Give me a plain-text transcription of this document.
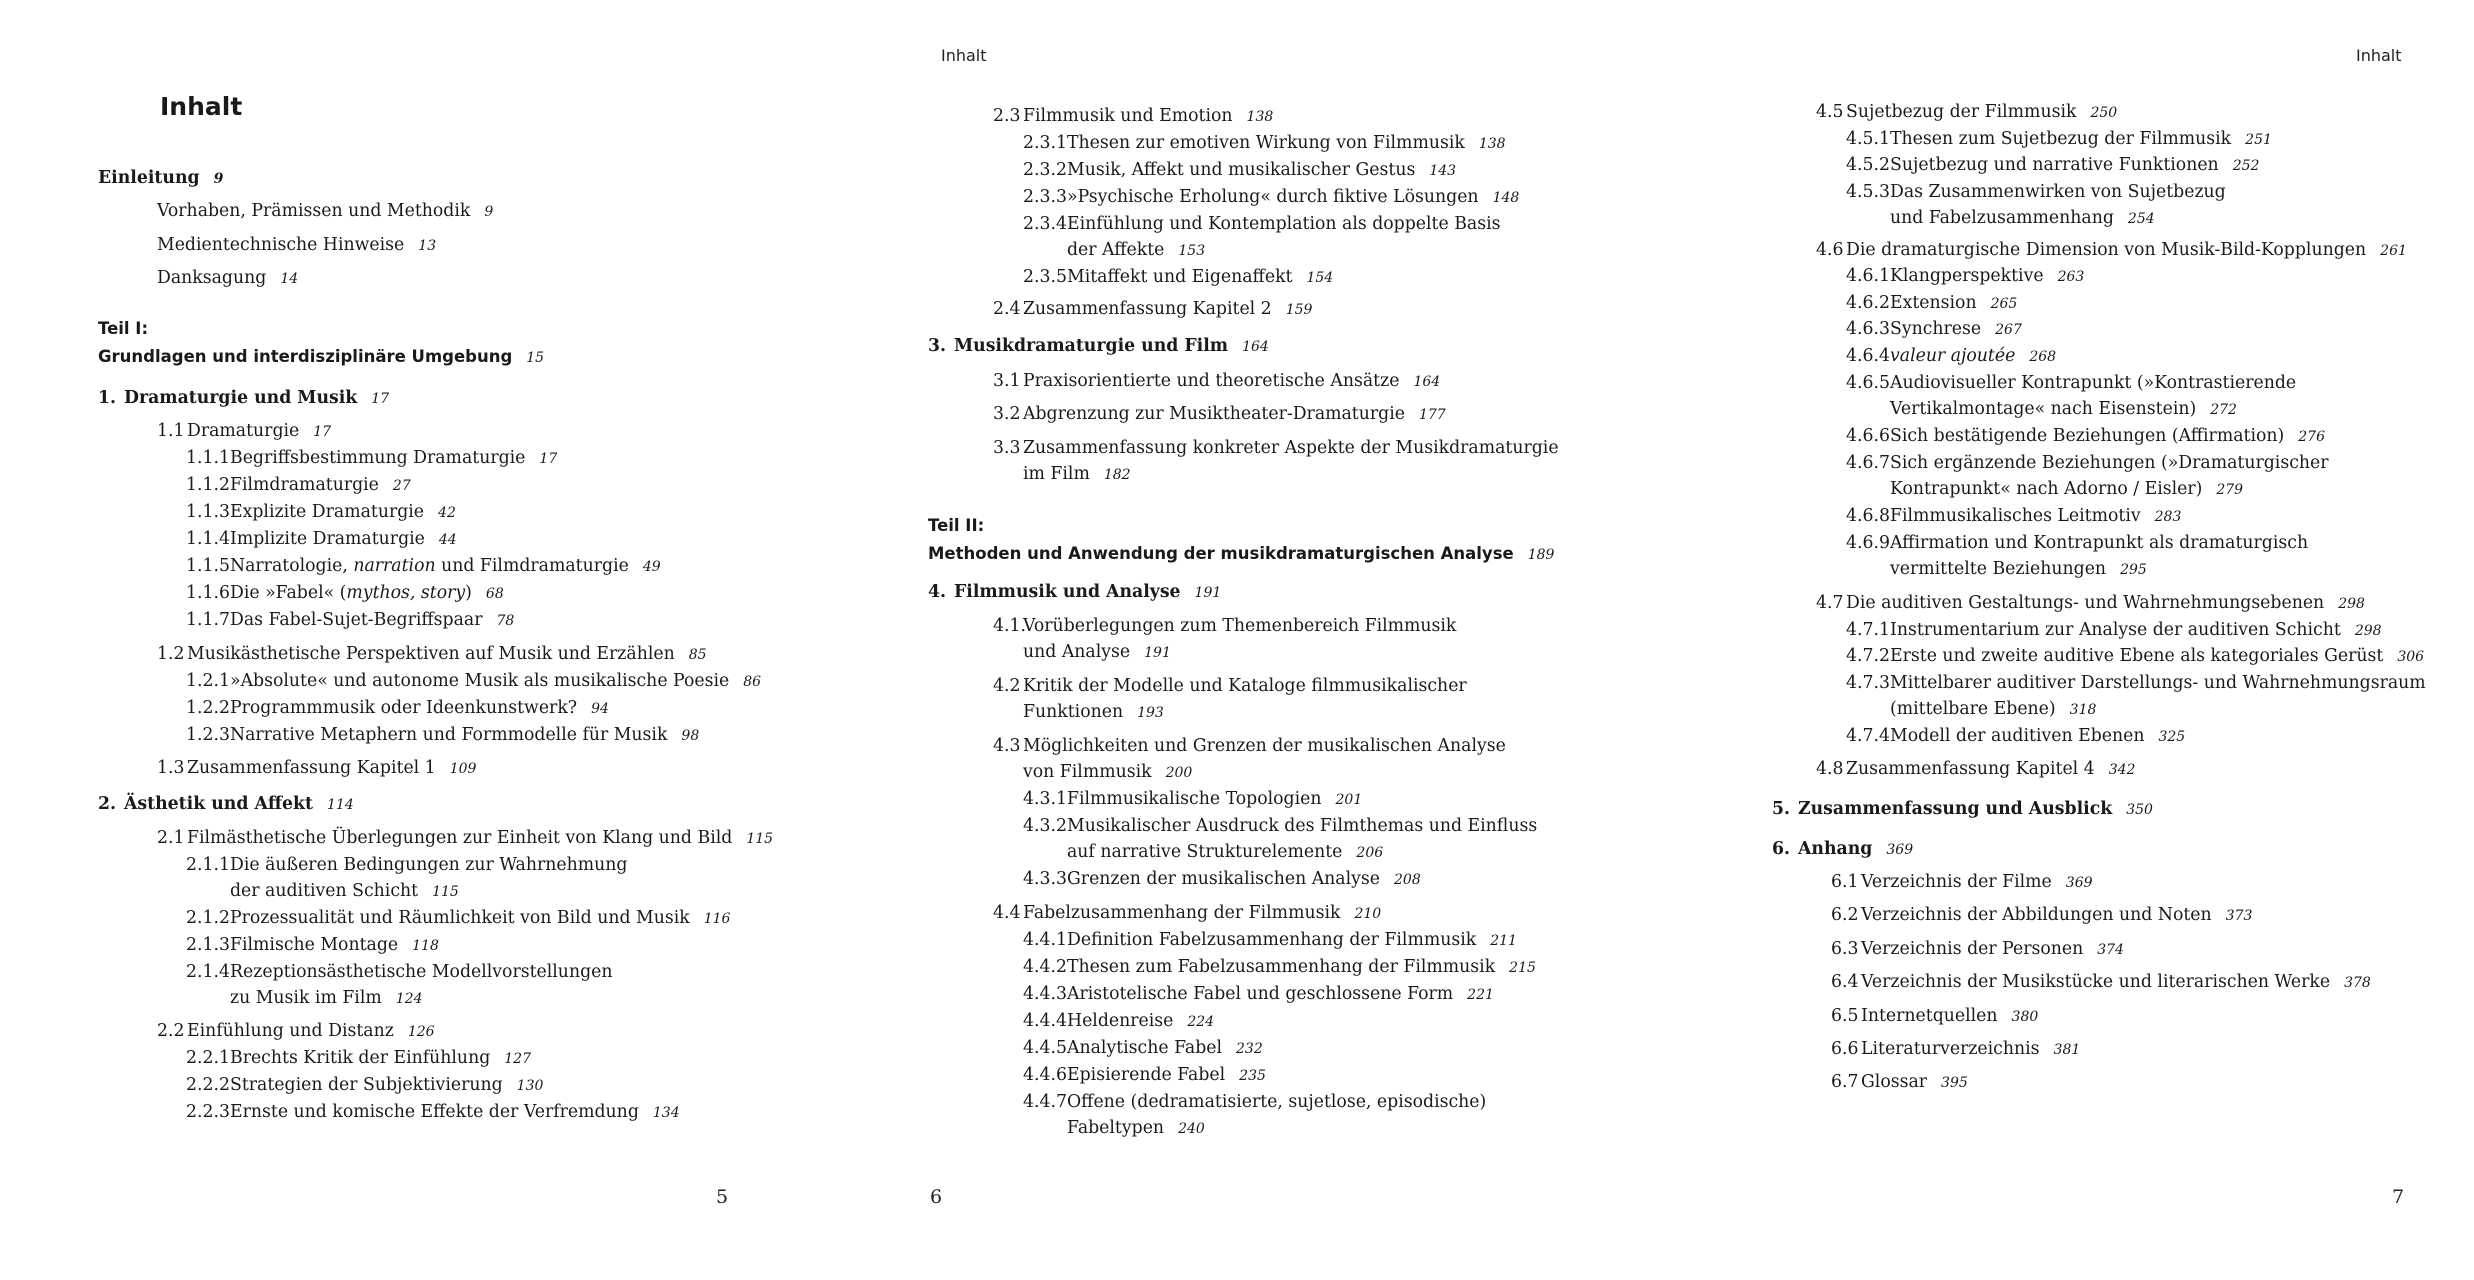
Inhalt
Einleitung 9
Vorhaben, Prämissen und Methodik 9
Medientechnische Hinweise 13
Danksagung 14
Teil I:
Grundlagen und interdisziplinäre Umgebung 15
1. Dramaturgie und Musik 17
1.1 Dramaturgie 17
1.1.1Begriffsbestimmung Dramaturgie 17
1.1.2Filmdramaturgie 27
1.1.3Explizite Dramaturgie 42
1.1.4Implizite Dramaturgie 44
1.1.5Narratologie, narration und Filmdramaturgie 49
1.1.6Die »Fabel« (mythos, story) 68
1.1.7Das Fabel-Sujet-Begriffspaar 78
1.2 Musikästhetische Perspektiven auf Musik und Erzählen 85
1.2.1»Absolute« und autonome Musik als musikalische Poesie 86
1.2.2Programmmusik oder Ideenkunstwerk? 94
1.2.3Narrative Metaphern und Formmodelle für Musik 98
1.3 Zusammenfassung Kapitel 1 109
2. Ästhetik und Affekt 114
2.1 Filmästhetische Überlegungen zur Einheit von Klang und Bild 115
2.1.1Die äußeren Bedingungen zur Wahrnehmung
der auditiven Schicht 115
2.1.2Prozessualität und Räumlichkeit von Bild und Musik 116
2.1.3Filmische Montage 118
2.1.4Rezeptionsästhetische Modellvorstellungen
zu Musik im Film 124
2.2 Einfühlung und Distanz 126
2.2.1Brechts Kritik der Einfühlung 127
2.2.2Strategien der Subjektivierung 130
2.2.3Ernste und komische Effekte der Verfremdung 134
5
Inhalt
2.3 Filmmusik und Emotion 138
2.3.1Thesen zur emotiven Wirkung von Filmmusik 138
2.3.2Musik, Affekt und musikalischer Gestus 143
2.3.3»Psychische Erholung« durch fiktive Lösungen 148
2.3.4Einfühlung und Kontemplation als doppelte Basis
der Affekte 153
2.3.5Mitaffekt und Eigenaffekt 154
2.4 Zusammenfassung Kapitel 2 159
3. Musikdramaturgie und Film 164
3.1 Praxisorientierte und theoretische Ansätze 164
3.2 Abgrenzung zur Musiktheater-Dramaturgie 177
3.3 Zusammenfassung konkreter Aspekte der Musikdramaturgie
im Film 182
Teil II:
Methoden und Anwendung der musikdramaturgischen Analyse 189
4. Filmmusik und Analyse 191
4.1.Vorüberlegungen zum Themenbereich Filmmusik
und Analyse 191
4.2 Kritik der Modelle und Kataloge filmmusikalischer
Funktionen 193
4.3 Möglichkeiten und Grenzen der musikalischen Analyse
von Filmmusik 200
4.3.1Filmmusikalische Topologien 201
4.3.2Musikalischer Ausdruck des Filmthemas und Einfluss
auf narrative Strukturelemente 206
4.3.3Grenzen der musikalischen Analyse 208
4.4 Fabelzusammenhang der Filmmusik 210
4.4.1Definition Fabelzusammenhang der Filmmusik 211
4.4.2Thesen zum Fabelzusammenhang der Filmmusik 215
4.4.3Aristotelische Fabel und geschlossene Form 221
4.4.4Heldenreise 224
4.4.5Analytische Fabel 232
4.4.6Episierende Fabel 235
4.4.7Offene (dedramatisierte, sujetlose, episodische)
Fabeltypen 240
6
Inhalt
4.5 Sujetbezug der Filmmusik 250
4.5.1Thesen zum Sujetbezug der Filmmusik 251
4.5.2Sujetbezug und narrative Funktionen 252
4.5.3Das Zusammenwirken von Sujetbezug
und Fabelzusammenhang 254
4.6 Die dramaturgische Dimension von Musik-Bild-Kopplungen 261
4.6.1Klangperspektive 263
4.6.2Extension 265
4.6.3Synchrese 267
4.6.4valeur ajoutée 268
4.6.5Audiovisueller Kontrapunkt (»Kontrastierende
Vertikalmontage« nach Eisenstein) 272
4.6.6Sich bestätigende Beziehungen (Affirmation) 276
4.6.7Sich ergänzende Beziehungen (»Dramaturgischer
Kontrapunkt« nach Adorno / Eisler) 279
4.6.8Filmmusikalisches Leitmotiv 283
4.6.9Affirmation und Kontrapunkt als dramaturgisch
vermittelte Beziehungen 295
4.7 Die auditiven Gestaltungs- und Wahrnehmungsebenen 298
4.7.1Instrumentarium zur Analyse der auditiven Schicht 298
4.7.2Erste und zweite auditive Ebene als kategoriales Gerüst 306
4.7.3Mittelbarer auditiver Darstellungs- und Wahrnehmungsraum
(mittelbare Ebene) 318
4.7.4Modell der auditiven Ebenen 325
4.8 Zusammenfassung Kapitel 4 342
5. Zusammenfassung und Ausblick 350
6. Anhang 369
6.1 Verzeichnis der Filme 369
6.2 Verzeichnis der Abbildungen und Noten 373
6.3 Verzeichnis der Personen 374
6.4 Verzeichnis der Musikstücke und literarischen Werke 378
6.5 Internetquellen 380
6.6 Literaturverzeichnis 381
6.7 Glossar 395
7
